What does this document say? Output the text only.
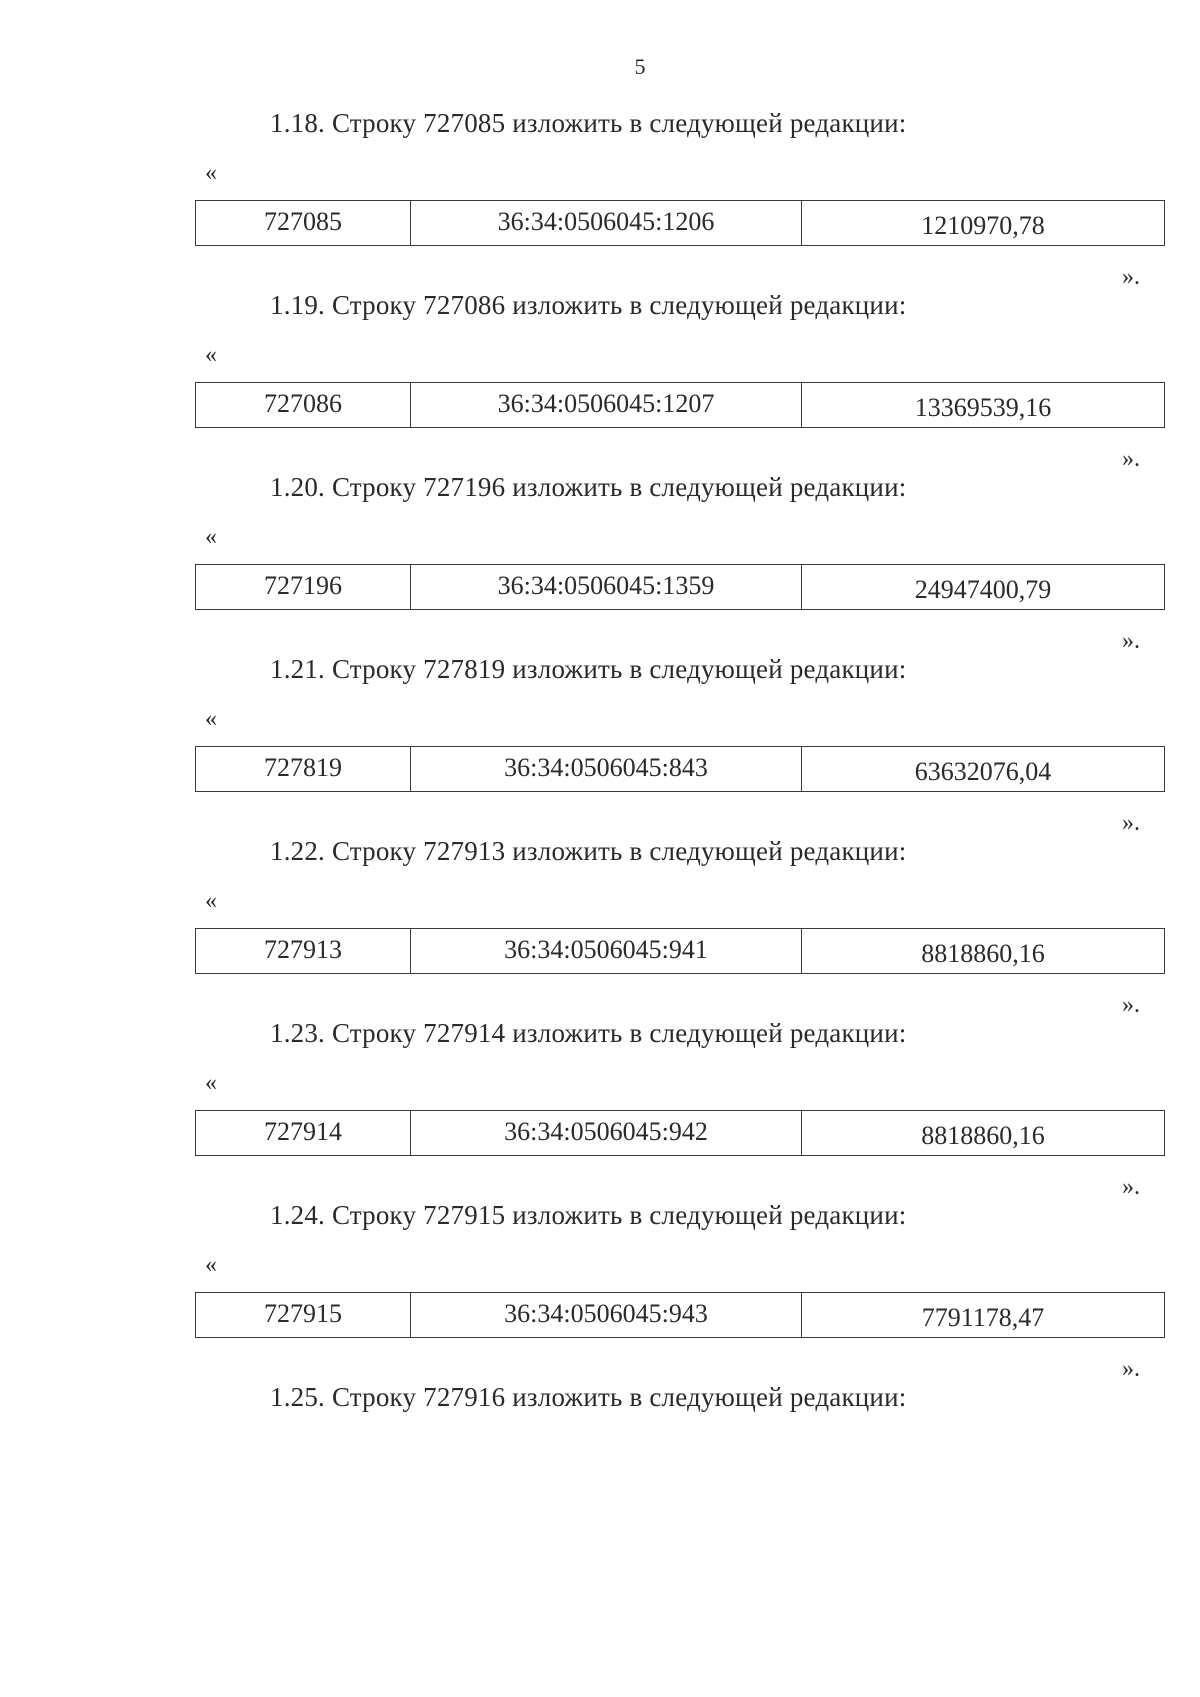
5
1.18. Строку 727085 изложить в следующей редакции:
«
727085	36:34:0506045:1206	1210970,78
».
1.19. Строку 727086 изложить в следующей редакции:
«
727086	36:34:0506045:1207	13369539,16
».
1.20. Строку 727196 изложить в следующей редакции:
«
727196	36:34:0506045:1359	24947400,79
».
1.21. Строку 727819 изложить в следующей редакции:
«
727819	36:34:0506045:843	63632076,04
».
1.22. Строку 727913 изложить в следующей редакции:
«
727913	36:34:0506045:941	8818860,16
».
1.23. Строку 727914 изложить в следующей редакции:
«
727914	36:34:0506045:942	8818860,16
».
1.24. Строку 727915 изложить в следующей редакции:
«
727915	36:34:0506045:943	7791178,47
».
1.25. Строку 727916 изложить в следующей редакции:
